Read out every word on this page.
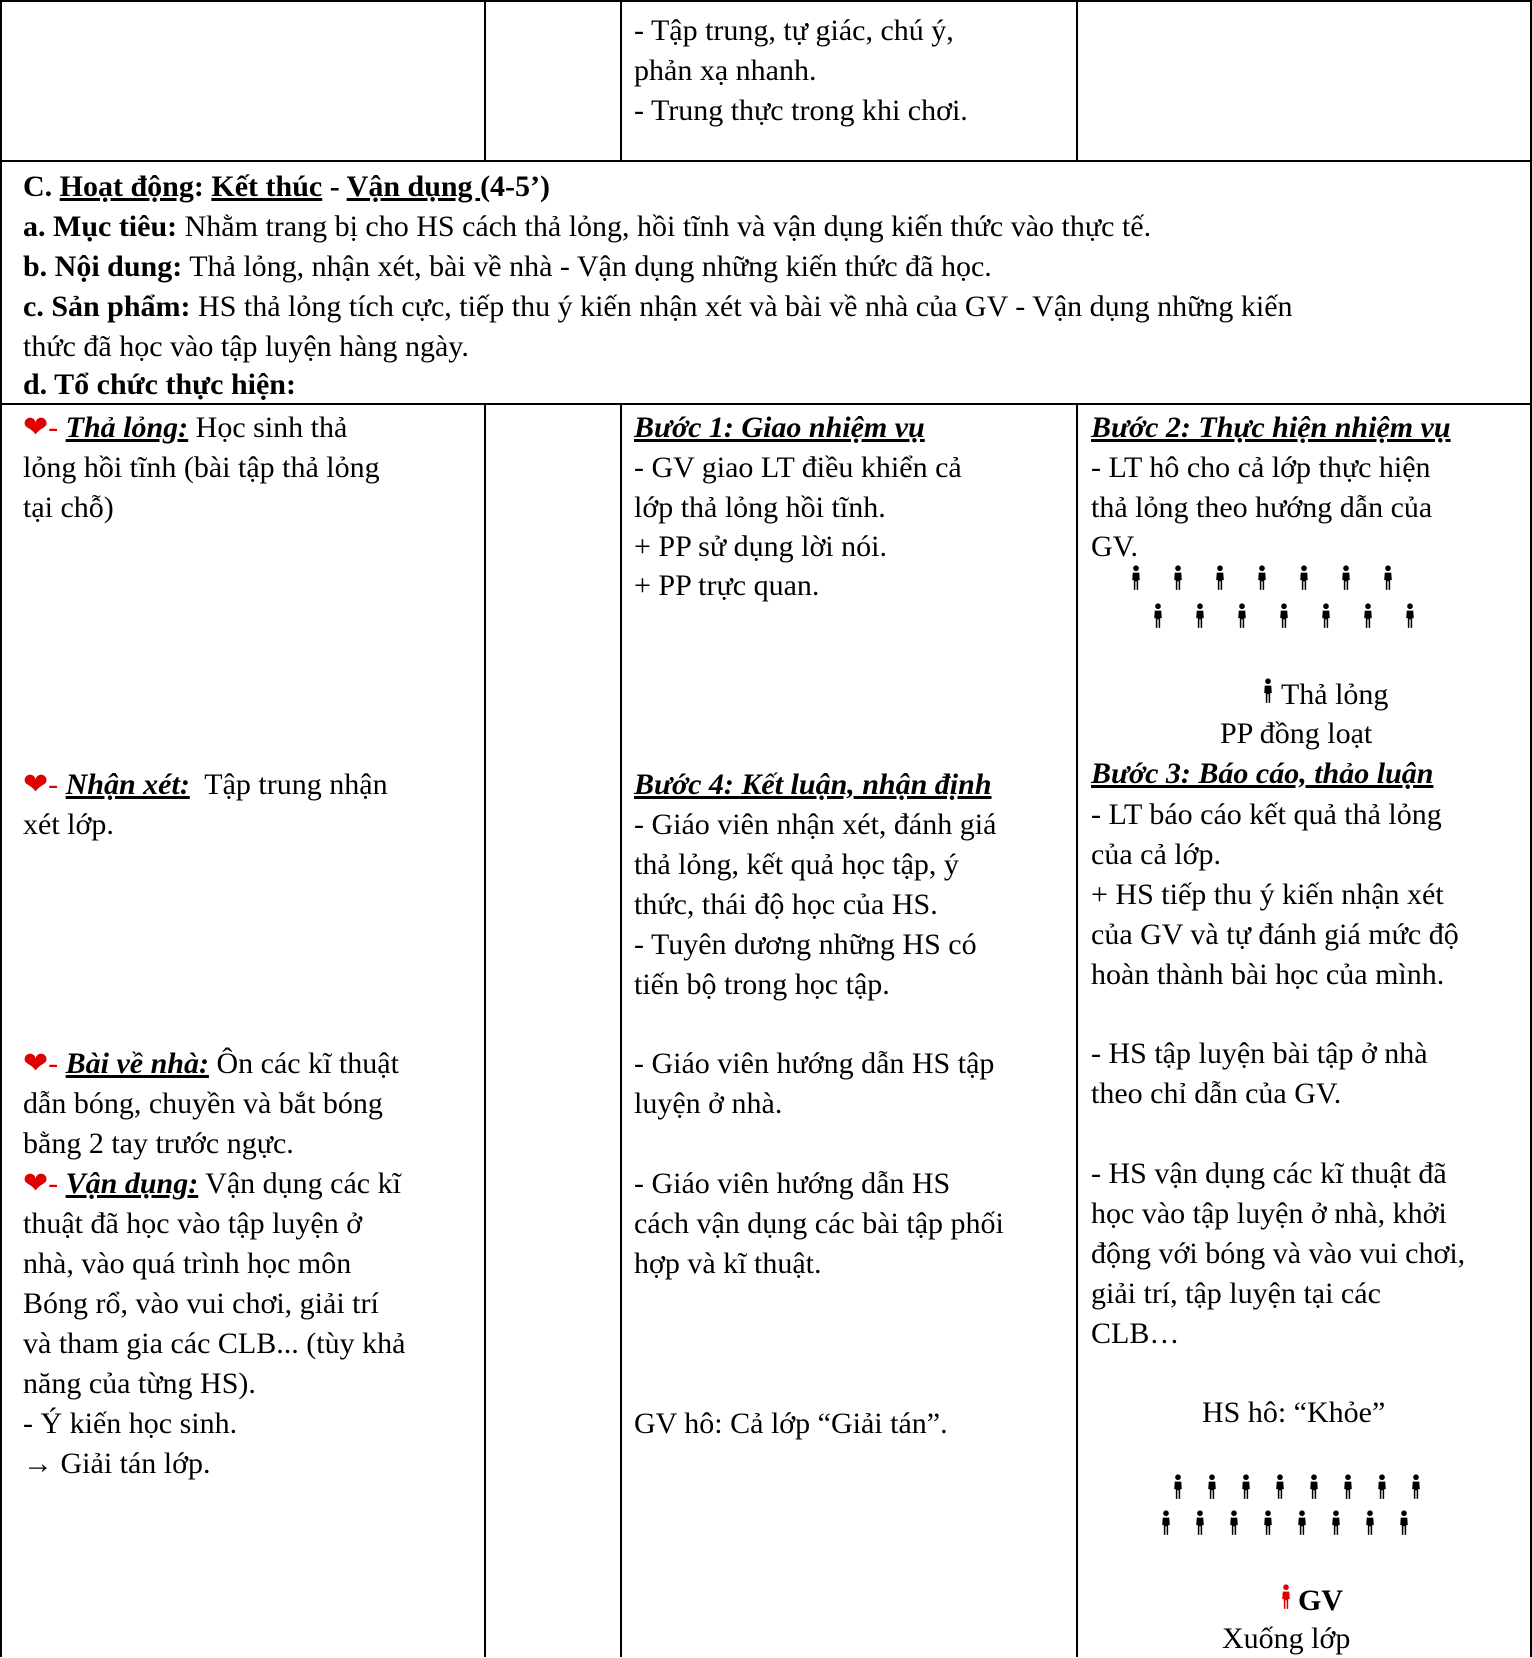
- Tập trung, tự giác, chú ý,
phản xạ nhanh.
- Trung thực trong khi chơi.
C. Hoạt động: Kết thúc - Vận dụng (4-5’)
a. Mục tiêu: Nhằm trang bị cho HS cách thả lỏng, hồi tĩnh và vận dụng kiến thức vào thực tế.
b. Nội dung: Thả lỏng, nhận xét, bài về nhà - Vận dụng những kiến thức đã học.
c. Sản phẩm: HS thả lỏng tích cực, tiếp thu ý kiến nhận xét và bài về nhà của GV - Vận dụng những kiến
thức đã học vào tập luyện hàng ngày.
d. Tổ chức thực hiện:
❤- Thả lỏng: Học sinh thả
lỏng hồi tĩnh (bài tập thả lỏng
tại chỗ)
❤- Nhận xét:  Tập trung nhận
xét lớp.
❤- Bài về nhà: Ôn các kĩ thuật
dẫn bóng, chuyền và bắt bóng
bằng 2 tay trước ngực.
❤- Vận dụng: Vận dụng các kĩ
thuật đã học vào tập luyện ở
nhà, vào quá trình học môn
Bóng rổ, vào vui chơi, giải trí
và tham gia các CLB... (tùy khả
năng của từng HS).
- Ý kiến học sinh.
→ Giải tán lớp.
Bước 1: Giao nhiệm vụ
- GV giao LT điều khiển cả
lớp thả lỏng hồi tĩnh.
+ PP sử dụng lời nói.
+ PP trực quan.
Bước 4: Kết luận, nhận định
- Giáo viên nhận xét, đánh giá
thả lỏng, kết quả học tập, ý
thức, thái độ học của HS.
- Tuyên dương những HS có
tiến bộ trong học tập.
- Giáo viên hướng dẫn HS tập
luyện ở nhà.
- Giáo viên hướng dẫn HS
cách vận dụng các bài tập phối
hợp và kĩ thuật.
GV hô: Cả lớp “Giải tán”.
Bước 2: Thực hiện nhiệm vụ
- LT hô cho cả lớp thực hiện
thả lỏng theo hướng dẫn của
GV.
Thả lỏng
PP đồng loạt
Bước 3: Báo cáo, thảo luận
- LT báo cáo kết quả thả lỏng
của cả lớp.
+ HS tiếp thu ý kiến nhận xét
của GV và tự đánh giá mức độ
hoàn thành bài học của mình.
- HS tập luyện bài tập ở nhà
theo chỉ dẫn của GV.
- HS vận dụng các kĩ thuật đã
học vào tập luyện ở nhà, khởi
động với bóng và vào vui chơi,
giải trí, tập luyện tại các
CLB…
HS hô: “Khỏe”
GV
Xuống lớp
